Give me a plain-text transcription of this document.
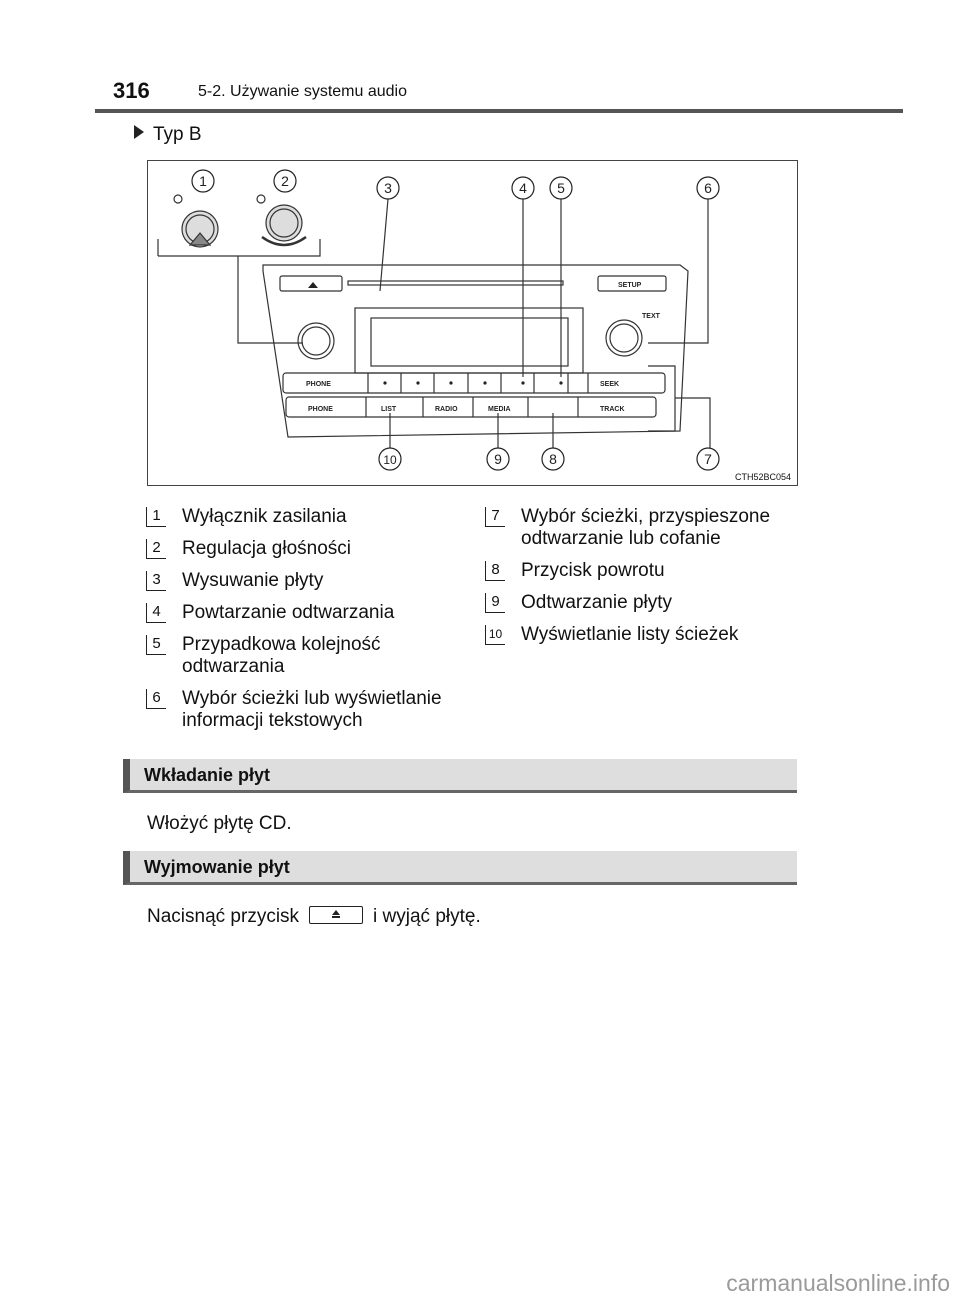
316	5-2. Używanie systemu audio
Typ B
SETUP
TEXT
PHONE
PHONE
SEEK
TRACK
LIST	RADIO	MEDIA
1	2	3	4 5	6
7
8
9
10
CTH52BC054
1 Wyłącznik zasilania
2 Regulacja głośności
3 Wysuwanie płyty
4 Powtarzanie odtwarzania
5 Przypadkowa kolejność odtwarzania
6 Wybór ścieżki lub wyświetlanie informacji tekstowych
7 Wybór ścieżki, przyspieszone odtwarzanie lub cofanie
8 Przycisk powrotu
9 Odtwarzanie płyty
10 Wyświetlanie listy ścieżek
Wkładanie płyt
Włożyć płytę CD.
Wyjmowanie płyt
Nacisnąć przycisk	i wyjąć płytę.
carmanualsonline.info
